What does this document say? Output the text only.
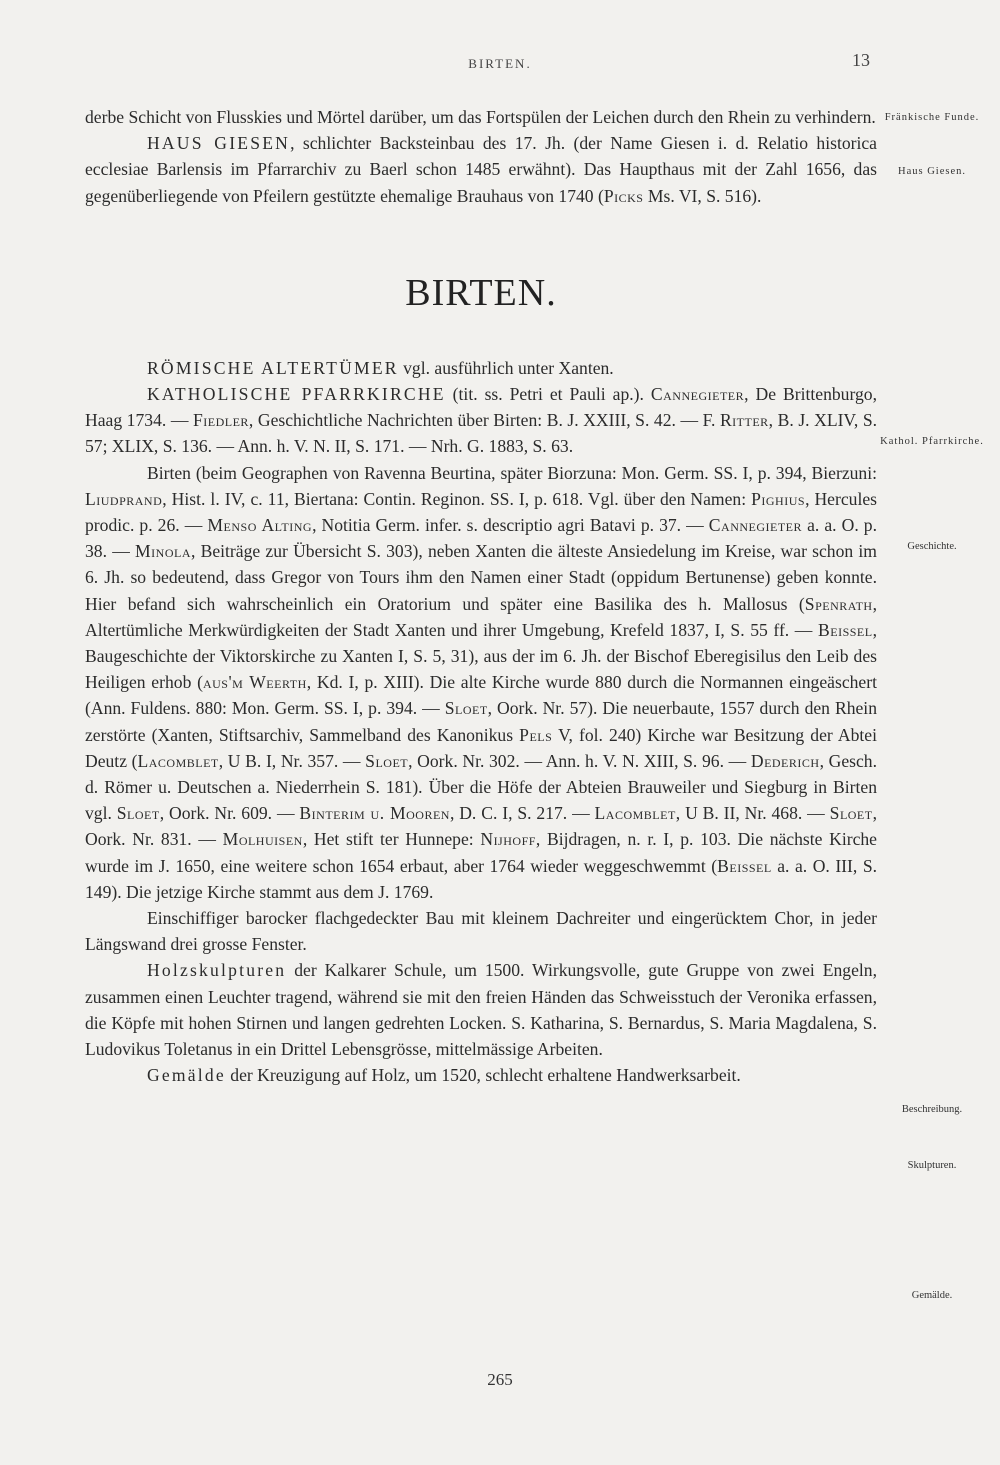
BIRTEN.	13
Fränkische Funde.
Haus Giesen.
Kathol. Pfarrkirche.
Geschichte.
Beschreibung.
Skulpturen.
Gemälde.

derbe Schicht von Flusskies und Mörtel darüber, um das Fortspülen der Leichen durch den Rhein zu verhindern.

HAUS GIESEN, schlichter Backsteinbau des 17. Jh. (der Name Giesen i. d. Relatio historica ecclesiae Barlensis im Pfarrarchiv zu Baerl schon 1485 erwähnt). Das Haupthaus mit der Zahl 1656, das gegenüberliegende von Pfeilern gestützte ehemalige Brauhaus von 1740 (Picks Ms. VI, S. 516).

BIRTEN.

RÖMISCHE ALTERTÜMER vgl. ausführlich unter Xanten.

KATHOLISCHE PFARRKIRCHE (tit. ss. Petri et Pauli ap.). Cannegieter, De Brittenburgo, Haag 1734. — Fiedler, Geschichtliche Nachrichten über Birten: B. J. XXIII, S. 42. — F. Ritter, B. J. XLIV, S. 57; XLIX, S. 136. — Ann. h. V. N. II, S. 171. — Nrh. G. 1883, S. 63.

Birten (beim Geographen von Ravenna Beurtina, später Biorzuna: Mon. Germ. SS. I, p. 394, Bierzuni: Liudprand, Hist. l. IV, c. 11, Biertana: Contin. Reginon. SS. I, p. 618. Vgl. über den Namen: Pighius, Hercules prodic. p. 26. — Menso Alting, Notitia Germ. infer. s. descriptio agri Batavi p. 37. — Cannegieter a. a. O. p. 38. — Minola, Beiträge zur Übersicht S. 303), neben Xanten die älteste Ansiedelung im Kreise, war schon im 6. Jh. so bedeutend, dass Gregor von Tours ihm den Namen einer Stadt (oppidum Bertunense) geben konnte. Hier befand sich wahrscheinlich ein Oratorium und später eine Basilika des h. Mallosus (Spenrath, Altertümliche Merkwürdigkeiten der Stadt Xanten und ihrer Umgebung, Krefeld 1837, I, S. 55 ff. — Beissel, Baugeschichte der Viktorskirche zu Xanten I, S. 5, 31), aus der im 6. Jh. der Bischof Eberegisilus den Leib des Heiligen erhob (aus'm Weerth, Kd. I, p. XIII). Die alte Kirche wurde 880 durch die Normannen eingeäschert (Ann. Fuldens. 880: Mon. Germ. SS. I, p. 394. — Sloet, Oork. Nr. 57). Die neuerbaute, 1557 durch den Rhein zerstörte (Xanten, Stiftsarchiv, Sammelband des Kanonikus Pels V, fol. 240) Kirche war Besitzung der Abtei Deutz (Lacomblet, U B. I, Nr. 357. — Sloet, Oork. Nr. 302. — Ann. h. V. N. XIII, S. 96. — Dederich, Gesch. d. Römer u. Deutschen a. Niederrhein S. 181). Über die Höfe der Abteien Brauweiler und Siegburg in Birten vgl. Sloet, Oork. Nr. 609. — Binterim u. Mooren, D. C. I, S. 217. — Lacomblet, U B. II, Nr. 468. — Sloet, Oork. Nr. 831. — Molhuisen, Het stift ter Hunnepe: Nijhoff, Bijdragen, n. r. I, p. 103. Die nächste Kirche wurde im J. 1650, eine weitere schon 1654 erbaut, aber 1764 wieder weggeschwemmt (Beissel a. a. O. III, S. 149). Die jetzige Kirche stammt aus dem J. 1769.

Einschiffiger barocker flachgedeckter Bau mit kleinem Dachreiter und eingerücktem Chor, in jeder Längswand drei grosse Fenster.

Holzskulpturen der Kalkarer Schule, um 1500. Wirkungsvolle, gute Gruppe von zwei Engeln, zusammen einen Leuchter tragend, während sie mit den freien Händen das Schweisstuch der Veronika erfassen, die Köpfe mit hohen Stirnen und langen gedrehten Locken. S. Katharina, S. Bernardus, S. Maria Magdalena, S. Ludovikus Toletanus in ein Drittel Lebensgrösse, mittelmässige Arbeiten.

Gemälde der Kreuzigung auf Holz, um 1520, schlecht erhaltene Handwerksarbeit.

265
